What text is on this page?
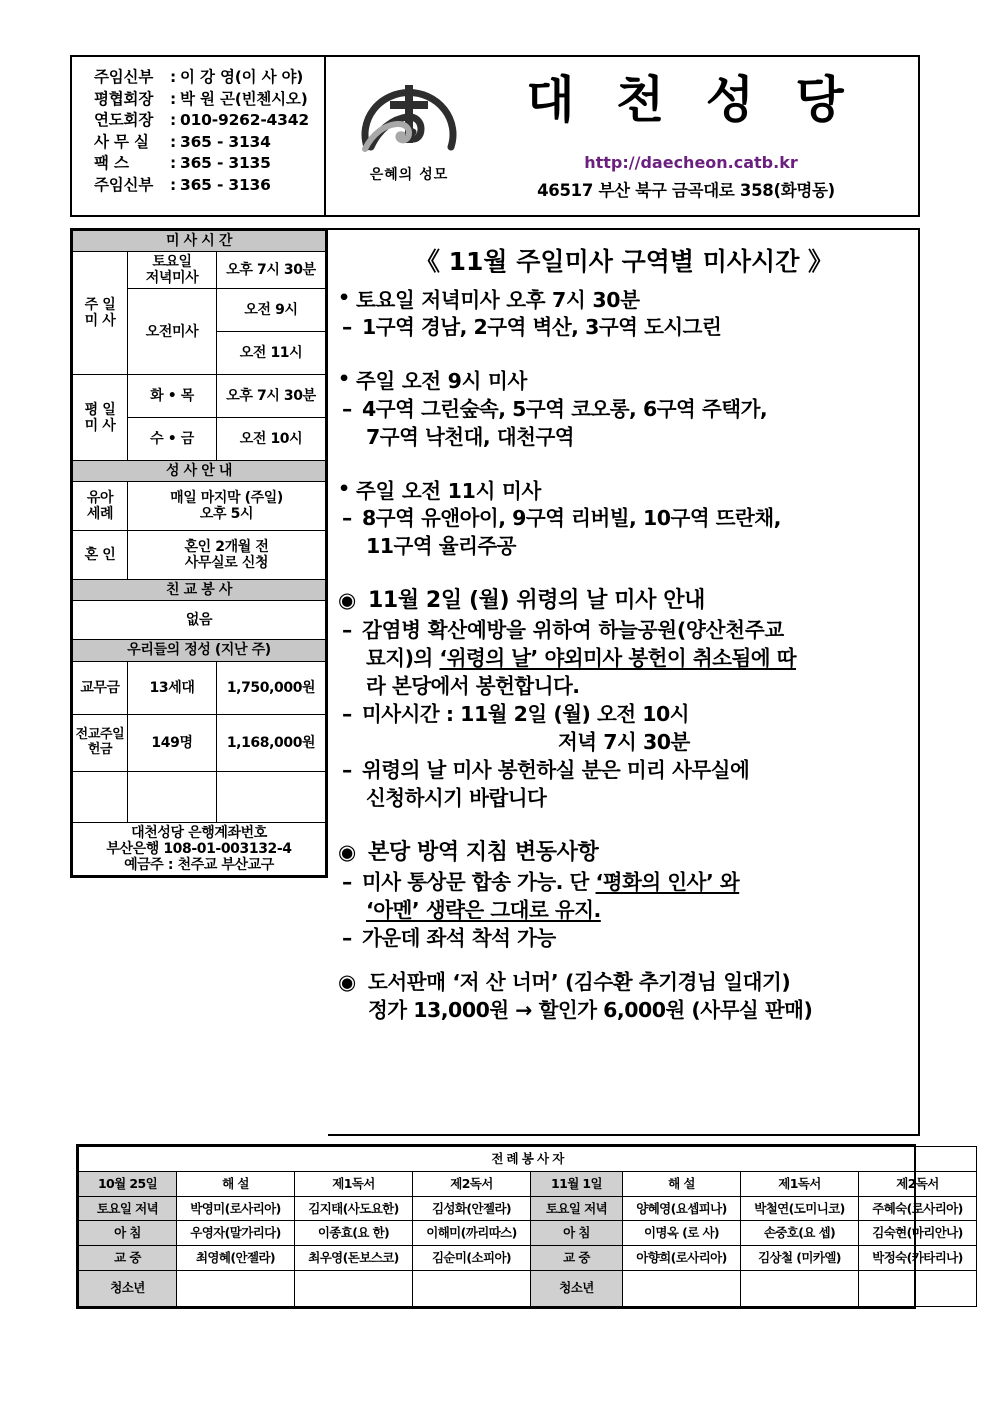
주임신부 : 이 강 영(이 사 야)
평협회장 : 박 원 곤(빈첸시오)
연도회장 : 010-9262-4342
사 무 실 : 365 - 3134
팩 스	: 365 - 3135
주임신부 : 365 - 3136
은혜의 성모
대 천 성 당
http://daecheon.catb.kr
46517 부산 북구 금곡대로 358(화명동)
미 사 시 간		
주 일
미 사	토요일
저녁미사	오후 7시 30분
	오전미사	오전 9시
		오전 11시
평 일
미 사	화 • 목	오후 7시 30분
	수 • 금	오전 10시
성 사 안 내		
유아
세례	매일 마지막 (주일)
오후 5시	
혼 인	혼인 2개월 전
사무실로 신청	
친 교 봉 사		
없음		
우리들의 정성 (지난 주)		
교무금	13세대	1,750,000원
전교주일
헌금	149명	1,168,000원

대천성당 은행계좌번호
부산은행 108-01-003132-4
예금주 : 천주교 부산교구		
《 11월 주일미사 구역별 미사시간 》
• 토요일 저녁미사 오후 7시 30분
– 1구역 경남, 2구역 벽산, 3구역 도시그린
• 주일 오전 9시 미사
– 4구역 그린숲속, 5구역 코오롱, 6구역 주택가,
7구역 낙천대, 대천구역
• 주일 오전 11시 미사
– 8구역 유앤아이, 9구역 리버빌, 10구역 뜨란채,
11구역 율리주공
◉ 11월 2일 (월) 위령의 날 미사 안내
– 감염병 확산예방을 위하여 하늘공원(양산천주교
묘지)의 ‘위령의 날’ 야외미사 봉헌이 취소됨에 따
라 본당에서 봉헌합니다.
– 미사시간 : 11월 2일 (월) 오전 10시
저녁 7시 30분
– 위령의 날 미사 봉헌하실 분은 미리 사무실에
신청하시기 바랍니다
◉ 본당 방역 지침 변동사항
– 미사 통상문 합송 가능. 단 ‘평화의 인사’ 와
‘아멘’ 생략은 그대로 유지.
– 가운데 좌석 착석 가능
◉ 도서판매 ‘저 산 너머’ (김수환 추기경님 일대기)
정가 13,000원 → 할인가 6,000원 (사무실 판매)
전 례 봉 사 자							
10월 25일	해 설	제1독서	제2독서	11월 1일	해 설	제1독서	제2독서
토요일 저녁	박영미(로사리아)	김지태(사도요한)	김성화(안젤라)	토요일 저녁	양혜영(요셉피나)	박철연(도미니코)	주혜숙(로사리아)
아 침	우영자(말가리다)	이종효(요 한)	이해미(까리따스)	아 침	이명옥 (로 사)	손중호(요 셉)	김숙현(마리안나)
교 중	최영혜(안젤라)	최우영(돈보스코)	김순미(소피아)	교 중	아향희(로사리아)	김상철 (미카엘)	박정숙(카타리나)
청소년				청소년			
